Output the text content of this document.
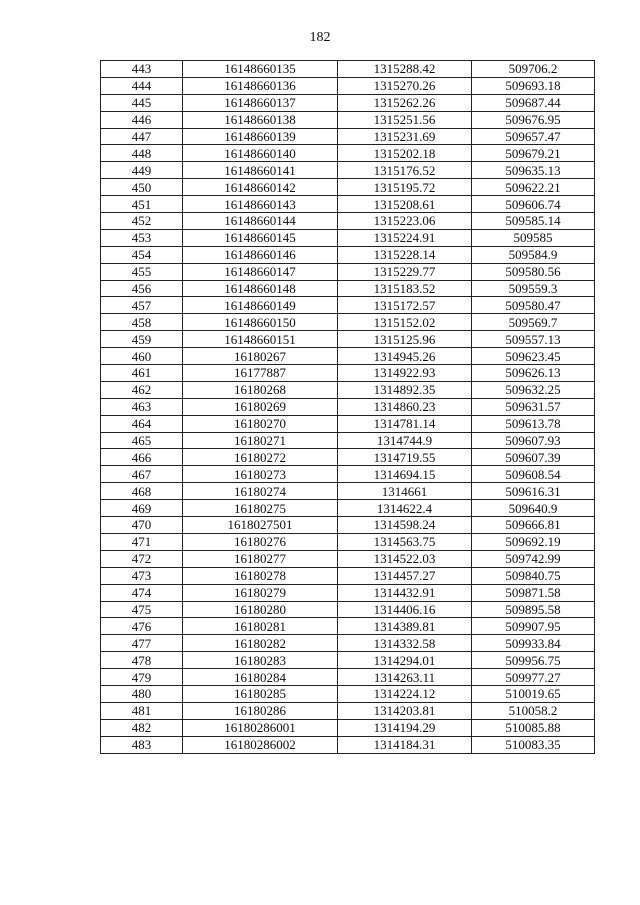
182
443	16148660135	1315288.42	509706.2
444	16148660136	1315270.26	509693.18
445	16148660137	1315262.26	509687.44
446	16148660138	1315251.56	509676.95
447	16148660139	1315231.69	509657.47
448	16148660140	1315202.18	509679.21
449	16148660141	1315176.52	509635.13
450	16148660142	1315195.72	509622.21
451	16148660143	1315208.61	509606.74
452	16148660144	1315223.06	509585.14
453	16148660145	1315224.91	509585
454	16148660146	1315228.14	509584.9
455	16148660147	1315229.77	509580.56
456	16148660148	1315183.52	509559.3
457	16148660149	1315172.57	509580.47
458	16148660150	1315152.02	509569.7
459	16148660151	1315125.96	509557.13
460	16180267	1314945.26	509623.45
461	16177887	1314922.93	509626.13
462	16180268	1314892.35	509632.25
463	16180269	1314860.23	509631.57
464	16180270	1314781.14	509613.78
465	16180271	1314744.9	509607.93
466	16180272	1314719.55	509607.39
467	16180273	1314694.15	509608.54
468	16180274	1314661	509616.31
469	16180275	1314622.4	509640.9
470	1618027501	1314598.24	509666.81
471	16180276	1314563.75	509692.19
472	16180277	1314522.03	509742.99
473	16180278	1314457.27	509840.75
474	16180279	1314432.91	509871.58
475	16180280	1314406.16	509895.58
476	16180281	1314389.81	509907.95
477	16180282	1314332.58	509933.84
478	16180283	1314294.01	509956.75
479	16180284	1314263.11	509977.27
480	16180285	1314224.12	510019.65
481	16180286	1314203.81	510058.2
482	16180286001	1314194.29	510085.88
483	16180286002	1314184.31	510083.35
